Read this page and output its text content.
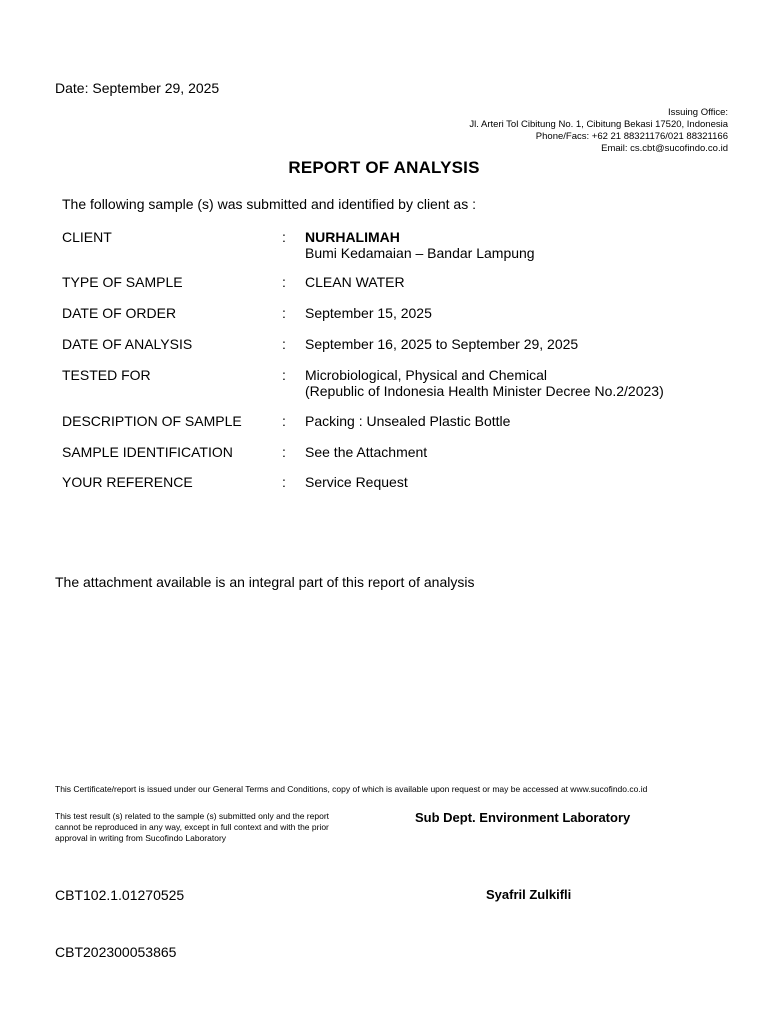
Date: September 29, 2025
Issuing Office:
Jl. Arteri Tol Cibitung No. 1, Cibitung Bekasi 17520, Indonesia
Phone/Facs: +62 21 88321176/021 88321166
Email: cs.cbt@sucofindo.co.id
REPORT OF ANALYSIS
The following sample (s) was submitted and identified by client as :
CLIENT	: NURHALIMAH
Bumi Kedamaian – Bandar Lampung
TYPE OF SAMPLE	: CLEAN WATER
DATE OF ORDER	: September 15, 2025
DATE OF ANALYSIS	: September 16, 2025 to September 29, 2025
TESTED FOR	: Microbiological, Physical and Chemical
(Republic of Indonesia Health Minister Decree No.2/2023)
DESCRIPTION OF SAMPLE	: Packing : Unsealed Plastic Bottle
SAMPLE IDENTIFICATION	: See the Attachment
YOUR REFERENCE	: Service Request
The attachment available is an integral part of this report of analysis
This Certificate/report is issued under our General Terms and Conditions, copy of which is available upon request or may be accessed at www.sucofindo.co.id
This test result (s) related to the sample (s) submitted only and the report cannot be reproduced in any way, except in full context and with the prior approval in writing from Sucofindo Laboratory
Sub Dept. Environment Laboratory
CBT102.1.01270525	Syafril Zulkifli
CBT202300053865
